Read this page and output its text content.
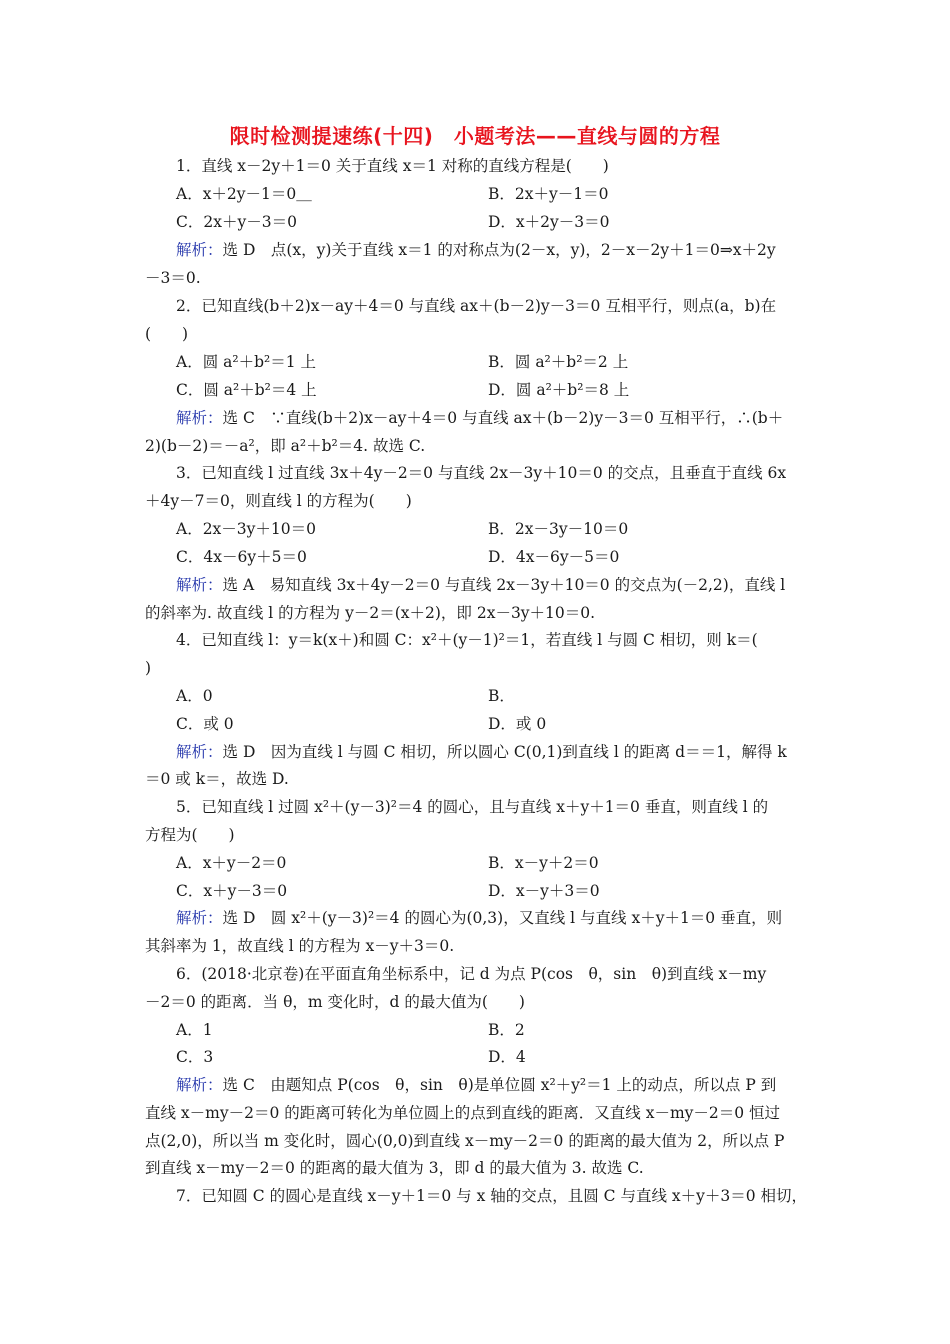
限时检测提速练(十四)　小题考法——直线与圆的方程
1．直线 x－2y＋1＝0 关于直线 x＝1 对称的直线方程是(　　)
A．x＋2y－1＝0＿	B．2x＋y－1＝0
C．2x＋y－3＝0	D．x＋2y－3＝0
解析：选 D　点(x，y)关于直线 x＝1 的对称点为(2－x，y)，2－x－2y＋1＝0⇒x＋2y
－3＝0.
2．已知直线(b＋2)x－ay＋4＝0 与直线 ax＋(b－2)y－3＝0 互相平行，则点(a，b)在
(　　)
A．圆 a²＋b²＝1 上	B．圆 a²＋b²＝2 上
C．圆 a²＋b²＝4 上	D．圆 a²＋b²＝8 上
解析：选 C　∵直线(b＋2)x－ay＋4＝0 与直线 ax＋(b－2)y－3＝0 互相平行，∴(b＋
2)(b－2)＝－a²，即 a²＋b²＝4. 故选 C.
3．已知直线 l 过直线 3x＋4y－2＝0 与直线 2x－3y＋10＝0 的交点，且垂直于直线 6x
＋4y－7＝0，则直线 l 的方程为(　　)
A．2x－3y＋10＝0	B．2x－3y－10＝0
C．4x－6y＋5＝0	D．4x－6y－5＝0
解析：选 A　易知直线 3x＋4y－2＝0 与直线 2x－3y＋10＝0 的交点为(－2,2)，直线 l
的斜率为. 故直线 l 的方程为 y－2＝(x＋2)，即 2x－3y＋10＝0.
4．已知直线 l：y＝k(x＋)和圆 C：x²＋(y－1)²＝1，若直线 l 与圆 C 相切，则 k＝(
)
A．0	B．
C．或 0	D．或 0
解析：选 D　因为直线 l 与圆 C 相切，所以圆心 C(0,1)到直线 l 的距离 d＝＝1，解得 k
＝0 或 k＝，故选 D.
5．已知直线 l 过圆 x²＋(y－3)²＝4 的圆心，且与直线 x＋y＋1＝0 垂直，则直线 l 的
方程为(　　)
A．x＋y－2＝0	B．x－y＋2＝0
C．x＋y－3＝0	D．x－y＋3＝0
解析：选 D　圆 x²＋(y－3)²＝4 的圆心为(0,3)，又直线 l 与直线 x＋y＋1＝0 垂直，则
其斜率为 1，故直线 l 的方程为 x－y＋3＝0.
6．(2018·北京卷)在平面直角坐标系中，记 d 为点 P(cos　θ，sin　θ)到直线 x－my
－2＝0 的距离．当 θ，m 变化时，d 的最大值为(　　)
A．1	B．2
C．3	D．4
解析：选 C　由题知点 P(cos　θ，sin　θ)是单位圆 x²＋y²＝1 上的动点，所以点 P 到
直线 x－my－2＝0 的距离可转化为单位圆上的点到直线的距离．又直线 x－my－2＝0 恒过
点(2,0)，所以当 m 变化时，圆心(0,0)到直线 x－my－2＝0 的距离的最大值为 2，所以点 P
到直线 x－my－2＝0 的距离的最大值为 3，即 d 的最大值为 3. 故选 C.
7．已知圆 C 的圆心是直线 x－y＋1＝0 与 x 轴的交点，且圆 C 与直线 x＋y＋3＝0 相切，
